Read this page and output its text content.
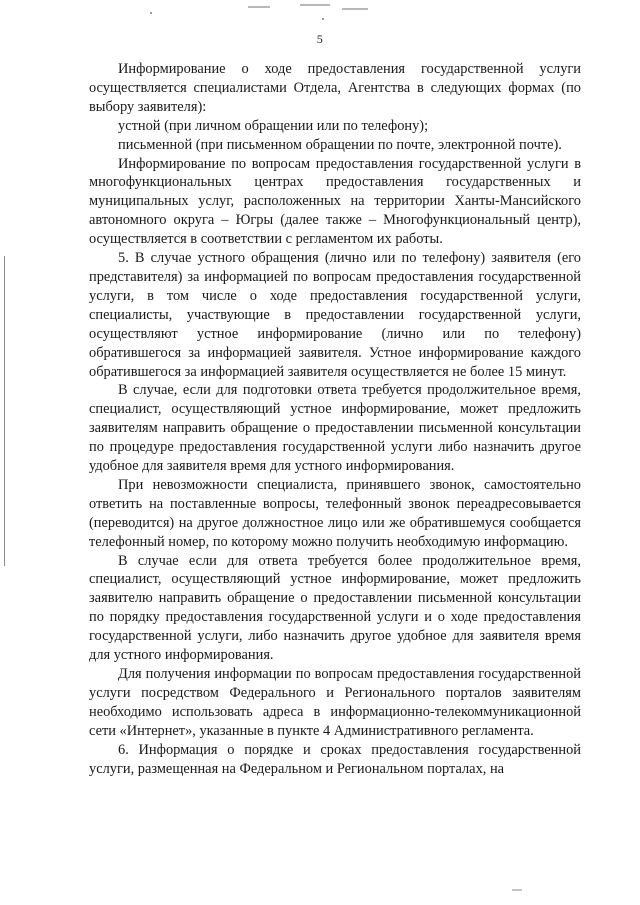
5

Информирование о ходе предоставления государственной услуги осуществляется специалистами Отдела, Агентства в следующих формах (по выбору заявителя):

устной (при личном обращении или по телефону);

письменной (при письменном обращении по почте, электронной почте).

Информирование по вопросам предоставления государственной услуги в многофункциональных центрах предоставления государственных и муниципальных услуг, расположенных на территории Ханты-Мансийского автономного округа – Югры (далее также – Многофункциональный центр), осуществляется в соответствии с регламентом их работы.

5. В случае устного обращения (лично или по телефону) заявителя (его представителя) за информацией по вопросам предоставления государственной услуги, в том числе о ходе предоставления государственной услуги, специалисты, участвующие в предоставлении государственной услуги, осуществляют устное информирование (лично или по телефону) обратившегося за информацией заявителя. Устное информирование каждого обратившегося за информацией заявителя осуществляется не более 15 минут.

В случае, если для подготовки ответа требуется продолжительное время, специалист, осуществляющий устное информирование, может предложить заявителям направить обращение о предоставлении письменной консультации по процедуре предоставления государственной услуги либо назначить другое удобное для заявителя время для устного информирования.

При невозможности специалиста, принявшего звонок, самостоятельно ответить на поставленные вопросы, телефонный звонок переадресовывается (переводится) на другое должностное лицо или же обратившемуся сообщается телефонный номер, по которому можно получить необходимую информацию.

В случае если для ответа требуется более продолжительное время, специалист, осуществляющий устное информирование, может предложить заявителю направить обращение о предоставлении письменной консультации по порядку предоставления государственной услуги и о ходе предоставления государственной услуги, либо назначить другое удобное для заявителя время для устного информирования.

Для получения информации по вопросам предоставления государственной услуги посредством Федерального и Регионального порталов заявителям необходимо использовать адреса в информационно-телекоммуникационной сети «Интернет», указанные в пункте 4 Административного регламента.

6. Информация о порядке и сроках предоставления государственной услуги, размещенная на Федеральном и Региональном порталах, на
